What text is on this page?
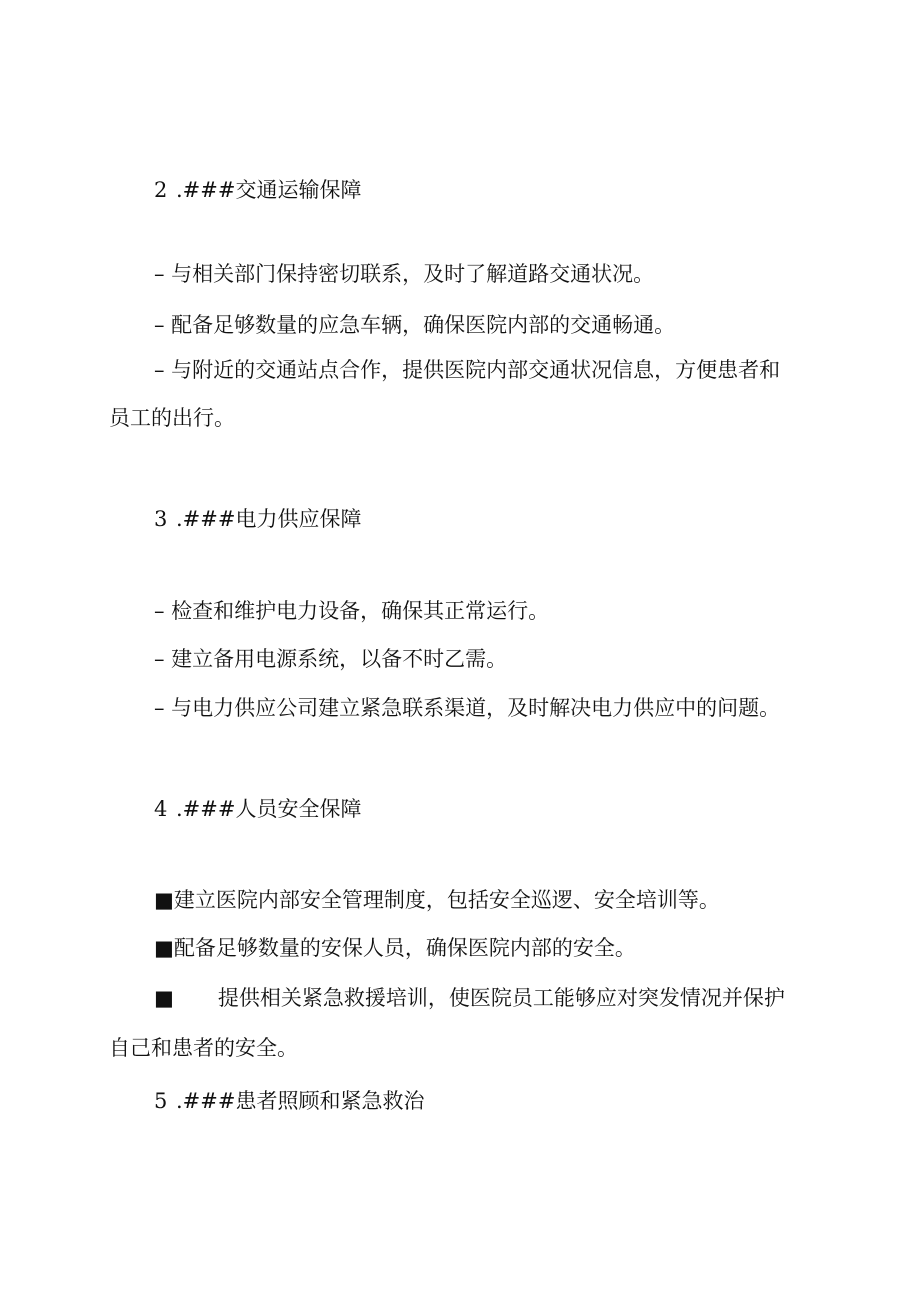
2 .###交通运输保障
– 与相关部门保持密切联系，及时了解道路交通状况。
– 配备足够数量的应急车辆，确保医院内部的交通畅通。
– 与附近的交通站点合作，提供医院内部交通状况信息，方便患者和
员工的出行。
3 .###电力供应保障
– 检查和维护电力设备，确保其正常运行。
– 建立备用电源系统，以备不时乙需。
– 与电力供应公司建立紧急联系渠道，及时解决电力供应中的问题。
4 .###人员安全保障
■建立医院内部安全管理制度，包括安全巡逻、安全培训等。
■配备足够数量的安保人员，确保医院内部的安全。
■ 提供相关紧急救援培训，使医院员工能够应对突发情况并保护
自己和患者的安全。
5 .###患者照顾和紧急救治
